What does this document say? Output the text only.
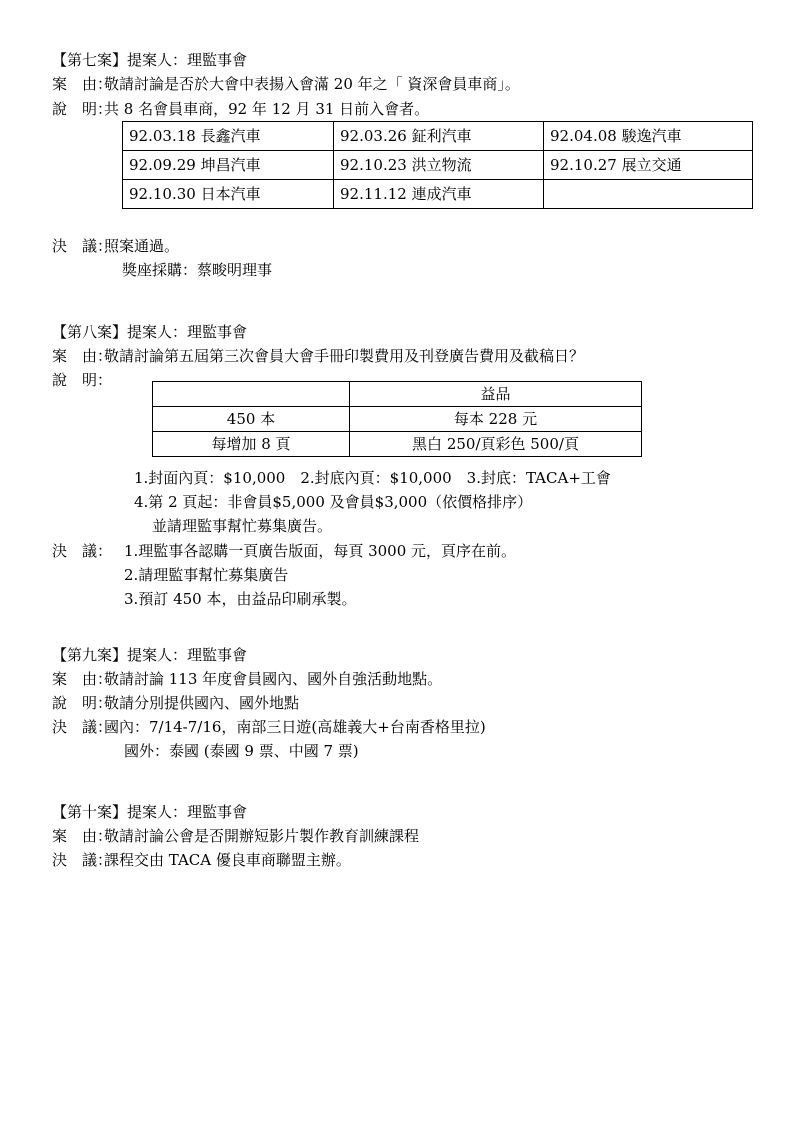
【第七案】提案人：理監事會
案　由：敬請討論是否於大會中表揚入會滿 20 年之「 資深會員車商」。
說　明：共 8 名會員車商，92 年 12 月 31 日前入會者。
92.03.18 長鑫汽車	92.03.26 鉦利汽車	92.04.08 駿逸汽車
92.09.29 坤昌汽車	92.10.23 洪立物流	92.10.27 展立交通
92.10.30 日本汽車	92.11.12 連成汽車	
決　議：照案通過。
獎座採購：蔡畯明理事
【第八案】提案人：理監事會
案　由：敬請討論第五屆第三次會員大會手冊印製費用及刊登廣告費用及截稿日？
說　明：
	益品
450 本	每本 228 元
每增加 8 頁	黑白 250/頁彩色 500/頁
1.封面內頁：$10,000　2.封底內頁：$10,000　3.封底：TACA+工會
4.第 2 頁起：非會員$5,000 及會員$3,000（依價格排序）
並請理監事幫忙募集廣告。
決　議： 1.理監事各認購一頁廣告版面，每頁 3000 元，頁序在前。
2.請理監事幫忙募集廣告
3.預訂 450 本，由益品印刷承製。
【第九案】提案人：理監事會
案　由：敬請討論 113 年度會員國內、國外自強活動地點。
說　明：敬請分別提供國內、國外地點
決　議：國內：7/14-7/16，南部三日遊(高雄義大+台南香格里拉)
國外：泰國 (泰國 9 票、中國 7 票)
【第十案】提案人：理監事會
案　由：敬請討論公會是否開辦短影片製作教育訓練課程
決　議：課程交由 TACA 優良車商聯盟主辦。
